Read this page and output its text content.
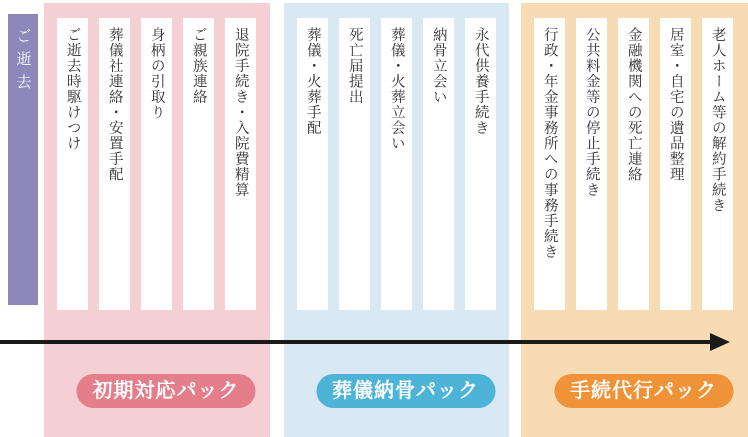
ご逝去 ご逝去時駆けつけ 葬儀社連絡・安置手配 身柄の引取り ご親族連絡 退院手続き・入院費精算
初期対応パック
葬儀・火葬手配 死亡届提出 葬儀・火葬立会い 納骨立会い 永代供養手続き
葬儀納骨パック
行政・年金事務所への事務手続き 公共料金等の停止手続き 金融機関への死亡連絡 居室・自宅の遺品整理 老人ホーム等の解約手続き
手続代行パック
